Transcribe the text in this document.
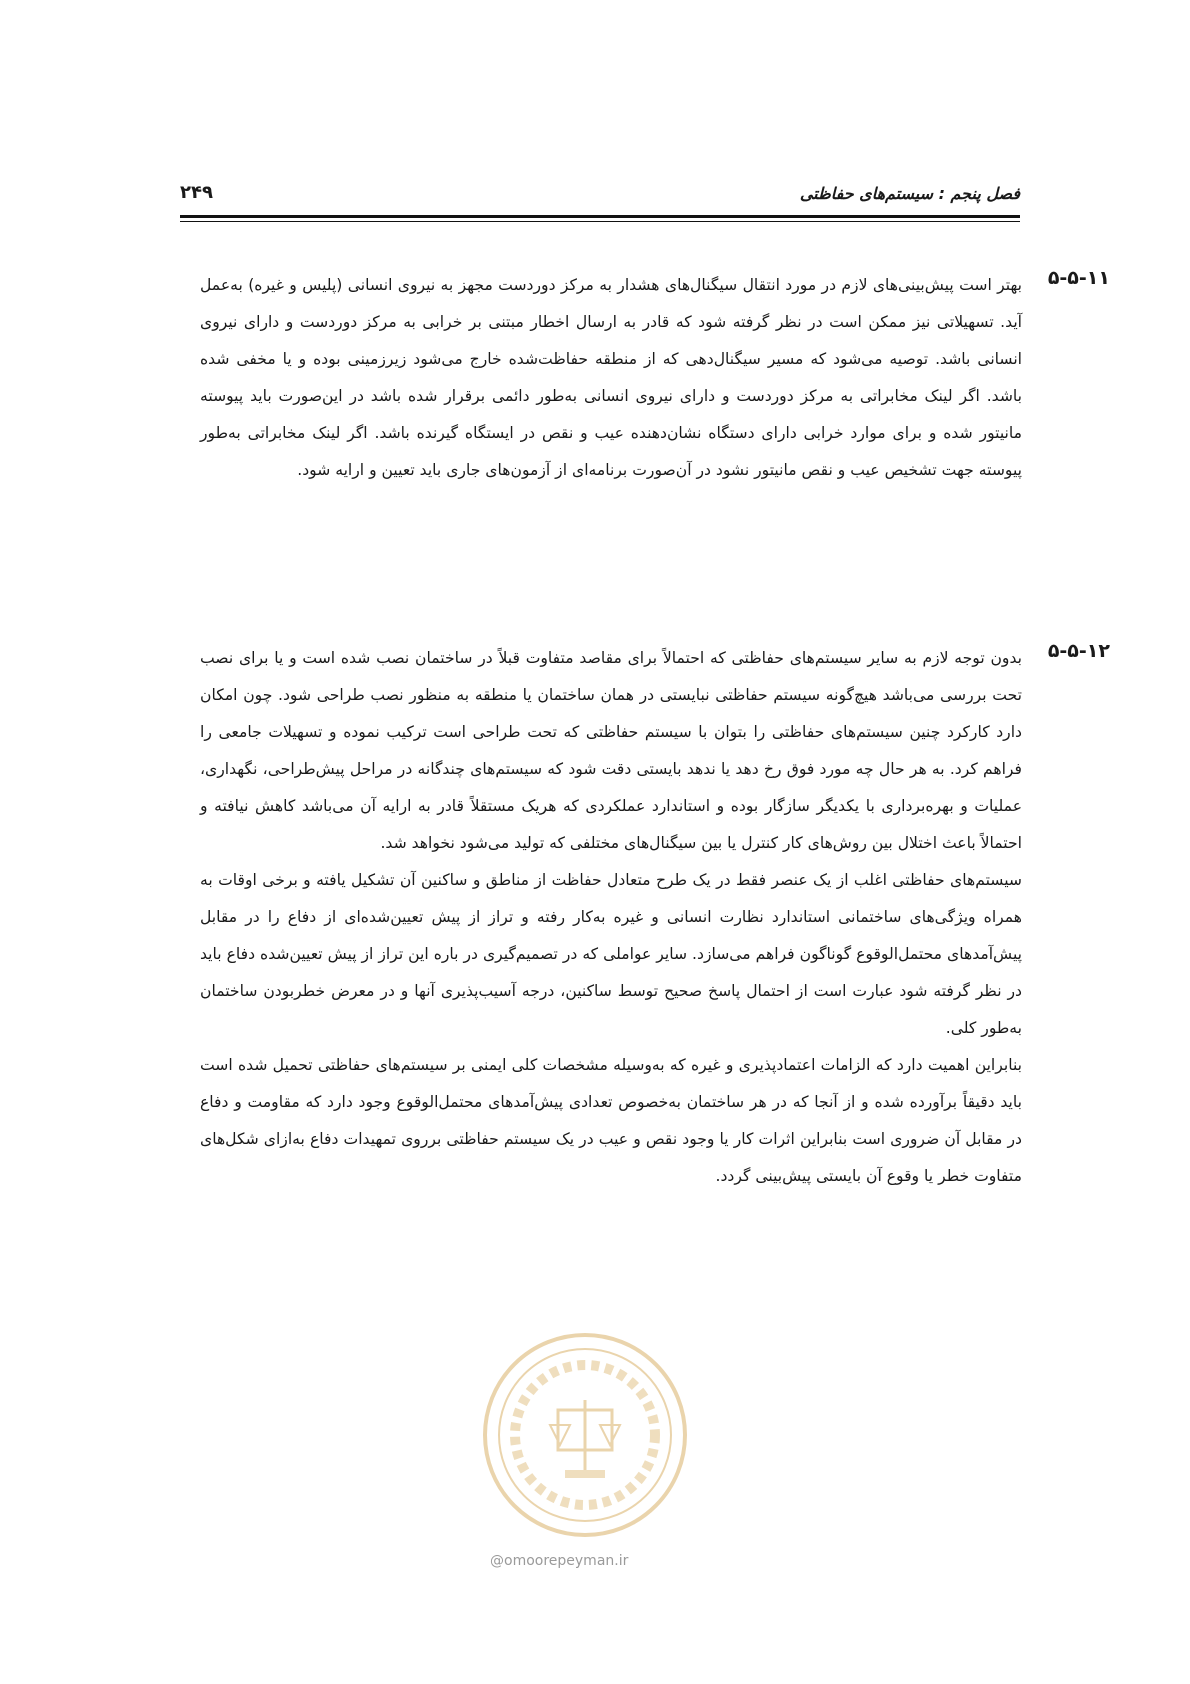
فصل پنجم : سیستم‌های حفاظتی
۲۴۹
۵-۵-۱۱

بهتر است پیش‌بینی‌های لازم در مورد انتقال سیگنال‌های هشدار به مرکز دوردست مجهز به نیروی انسانی (پلیس و غیره) به‌عمل آید. تسهیلاتی نیز ممکن است در نظر گرفته شود که قادر به ارسال اخطار مبتنی بر خرابی به مرکز دوردست و دارای نیروی انسانی باشد. توصیه می‌شود که مسیر سیگنال‌دهی که از منطقه حفاظت‌شده خارج می‌شود زیرزمینی بوده و یا مخفی شده باشد. اگر لینک مخابراتی به مرکز دوردست و دارای نیروی انسانی به‌طور دائمی برقرار شده باشد در این‌صورت باید پیوسته مانیتور شده و برای موارد خرابی دارای دستگاه نشان‌دهنده عیب و نقص در ایستگاه گیرنده باشد. اگر لینک مخابراتی به‌طور پیوسته جهت تشخیص عیب و نقص مانیتور نشود در آن‌صورت برنامه‌ای از آزمون‌های جاری باید تعیین و ارایه شود.

۵-۵-۱۲

بدون توجه لازم به سایر سیستم‌های حفاظتی که احتمالاً برای مقاصد متفاوت قبلاً در ساختمان نصب شده است و یا برای نصب تحت بررسی می‌باشد هیچ‌گونه سیستم حفاظتی نبایستی در همان ساختمان یا منطقه به منظور نصب طراحی شود. چون امکان دارد کارکرد چنین سیستم‌های حفاظتی را بتوان با سیستم حفاظتی که تحت طراحی است ترکیب نموده و تسهیلات جامعی را فراهم کرد. به هر حال چه مورد فوق رخ دهد یا ندهد بایستی دقت شود که سیستم‌های چندگانه در مراحل پیش‌طراحی، نگهداری، عملیات و بهره‌برداری با یکدیگر سازگار بوده و استاندارد عملکردی که هریک مستقلاً قادر به ارایه آن می‌باشد کاهش نیافته و احتمالاً باعث اختلال بین روش‌های کار کنترل یا بین سیگنال‌های مختلفی که تولید می‌شود نخواهد شد.

سیستم‌های حفاظتی اغلب از یک عنصر فقط در یک طرح متعادل حفاظت از مناطق و ساکنین آن تشکیل یافته و برخی اوقات به همراه ویژگی‌های ساختمانی استاندارد نظارت انسانی و غیره به‌کار رفته و تراز از پیش تعیین‌شده‌ای از دفاع را در مقابل پیش‌آمدهای محتمل‌الوقوع گوناگون فراهم می‌سازد. سایر عواملی که در تصمیم‌گیری در باره این تراز از پیش تعیین‌شده دفاع باید در نظر گرفته شود عبارت است از احتمال پاسخ صحیح توسط ساکنین، درجه آسیب‌پذیری آنها و در معرض خطربودن ساختمان به‌طور کلی.

بنابراین اهمیت دارد که الزامات اعتمادپذیری و غیره که به‌وسیله مشخصات کلی ایمنی بر سیستم‌های حفاظتی تحمیل شده است باید دقیقاً برآورده شده و از آنجا که در هر ساختمان به‌خصوص تعدادی پیش‌آمدهای محتمل‌الوقوع وجود دارد که مقاومت و دفاع در مقابل آن ضروری است بنابراین اثرات کار یا وجود نقص و عیب در یک سیستم حفاظتی برروی تمهیدات دفاع به‌ازای شکل‌های متفاوت خطر یا وقوع آن بایستی پیش‌بینی گردد.

@omoorepeyman.ir
